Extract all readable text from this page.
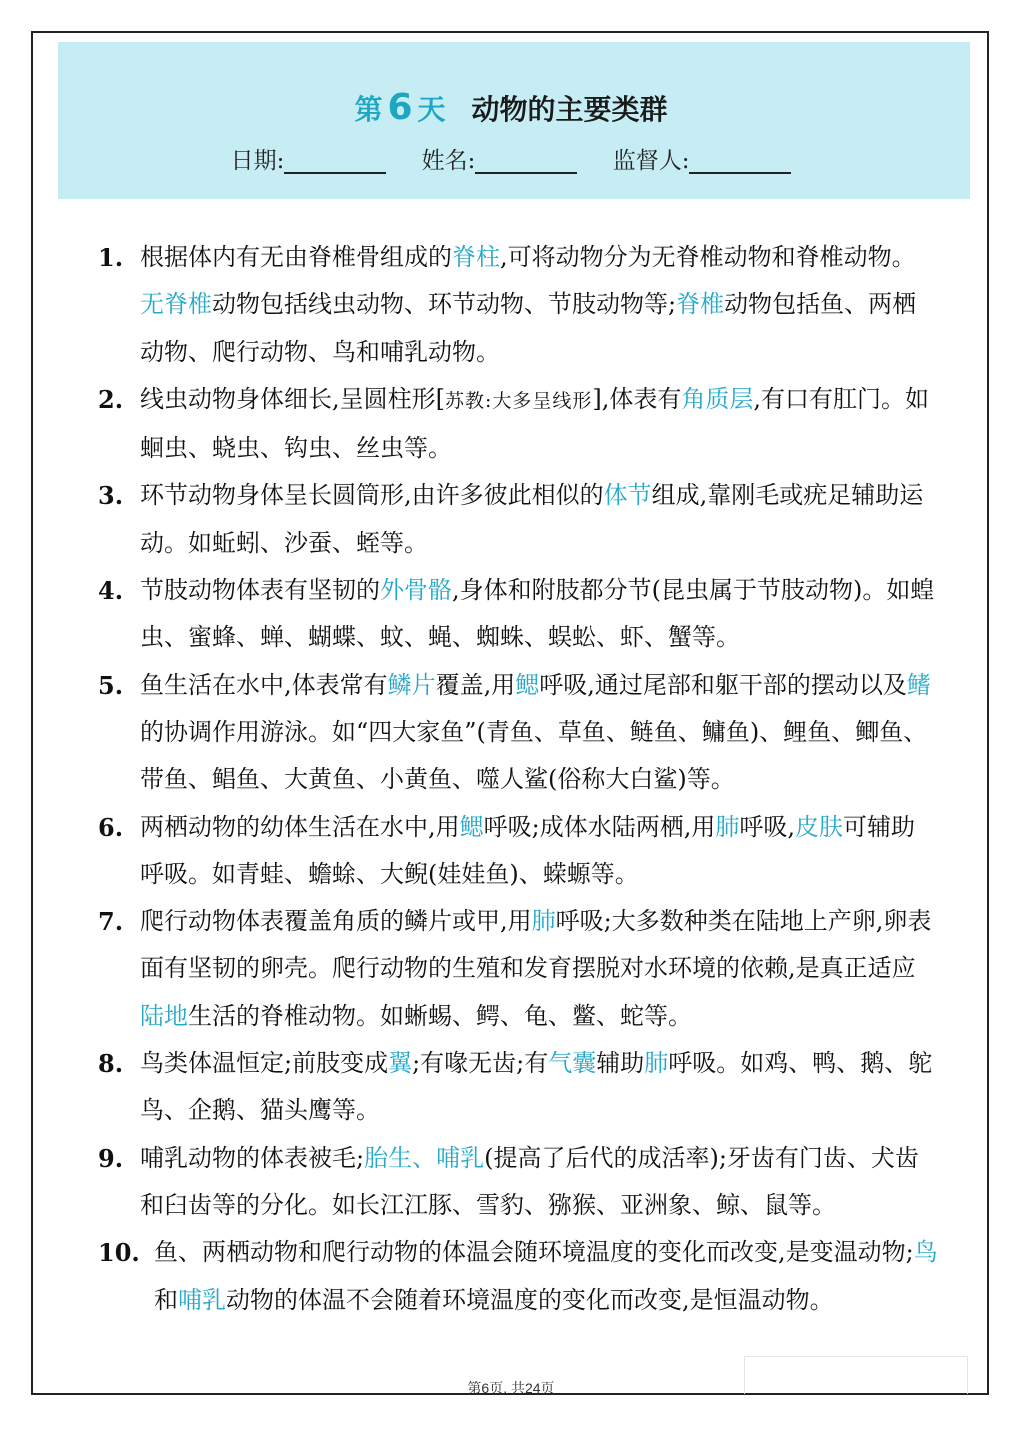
第 6 天 动物的主要类群
日期:	姓名:	监督人:
1. 根据体内有无由脊椎骨组成的脊柱,可将动物分为无脊椎动物和脊椎动物。无脊椎动物包括线虫动物、环节动物、节肢动物等;脊椎动物包括鱼、两栖动物、爬行动物、鸟和哺乳动物。
2. 线虫动物身体细长,呈圆柱形[苏教:大多呈线形],体表有角质层,有口有肛门。如蛔虫、蛲虫、钩虫、丝虫等。
3. 环节动物身体呈长圆筒形,由许多彼此相似的体节组成,靠刚毛或疣足辅助运动。如蚯蚓、沙蚕、蛭等。
4. 节肢动物体表有坚韧的外骨骼,身体和附肢都分节(昆虫属于节肢动物)。如蝗虫、蜜蜂、蝉、蝴蝶、蚊、蝇、蜘蛛、蜈蚣、虾、蟹等。
5. 鱼生活在水中,体表常有鳞片覆盖,用鳃呼吸,通过尾部和躯干部的摆动以及鳍的协调作用游泳。如“四大家鱼”(青鱼、草鱼、鲢鱼、鳙鱼)、鲤鱼、鲫鱼、带鱼、鲳鱼、大黄鱼、小黄鱼、噬人鲨(俗称大白鲨)等。
6. 两栖动物的幼体生活在水中,用鳃呼吸;成体水陆两栖,用肺呼吸,皮肤可辅助呼吸。如青蛙、蟾蜍、大鲵(娃娃鱼)、蝾螈等。
7. 爬行动物体表覆盖角质的鳞片或甲,用肺呼吸;大多数种类在陆地上产卵,卵表面有坚韧的卵壳。爬行动物的生殖和发育摆脱对水环境的依赖,是真正适应陆地生活的脊椎动物。如蜥蜴、鳄、龟、鳖、蛇等。
8. 鸟类体温恒定;前肢变成翼;有喙无齿;有气囊辅助肺呼吸。如鸡、鸭、鹅、鸵鸟、企鹅、猫头鹰等。
9. 哺乳动物的体表被毛;胎生、哺乳(提高了后代的成活率);牙齿有门齿、犬齿和臼齿等的分化。如长江江豚、雪豹、猕猴、亚洲象、鲸、鼠等。
10. 鱼、两栖动物和爬行动物的体温会随环境温度的变化而改变,是变温动物;鸟和哺乳动物的体温不会随着环境温度的变化而改变,是恒温动物。
第6页, 共24页
